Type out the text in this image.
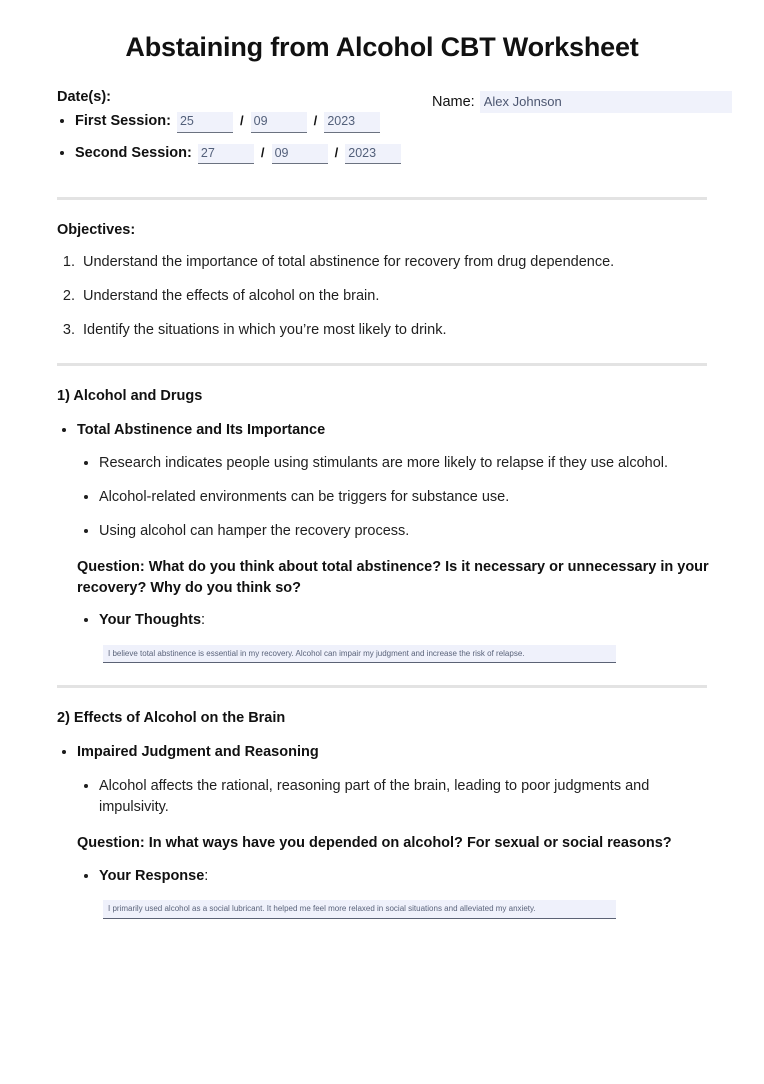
Abstaining from Alcohol CBT Worksheet
Date(s):
• First Session: 25	/ 09	/ 2023
• Second Session: 27	/ 09	/ 2023
Name:
Alex Johnson
Objectives:
1. Understand the importance of total abstinence for recovery from drug dependence.
2. Understand the effects of alcohol on the brain.
3. Identify the situations in which you’re most likely to drink.
1) Alcohol and Drugs
• Total Abstinence and Its Importance
• Research indicates people using stimulants are more likely to relapse if they use alcohol.
• Alcohol-related environments can be triggers for substance use.
• Using alcohol can hamper the recovery process.
Question: What do you think about total abstinence? Is it necessary or unnecessary in your recovery? Why do you think so?
• Your Thoughts:
I believe total abstinence is essential in my recovery. Alcohol can impair my judgment and increase the risk of relapse.
2) Effects of Alcohol on the Brain
• Impaired Judgment and Reasoning
• Alcohol affects the rational, reasoning part of the brain, leading to poor judgments and impulsivity.
Question: In what ways have you depended on alcohol? For sexual or social reasons?
• Your Response:
I primarily used alcohol as a social lubricant. It helped me feel more relaxed in social situations and alleviated my anxiety.
